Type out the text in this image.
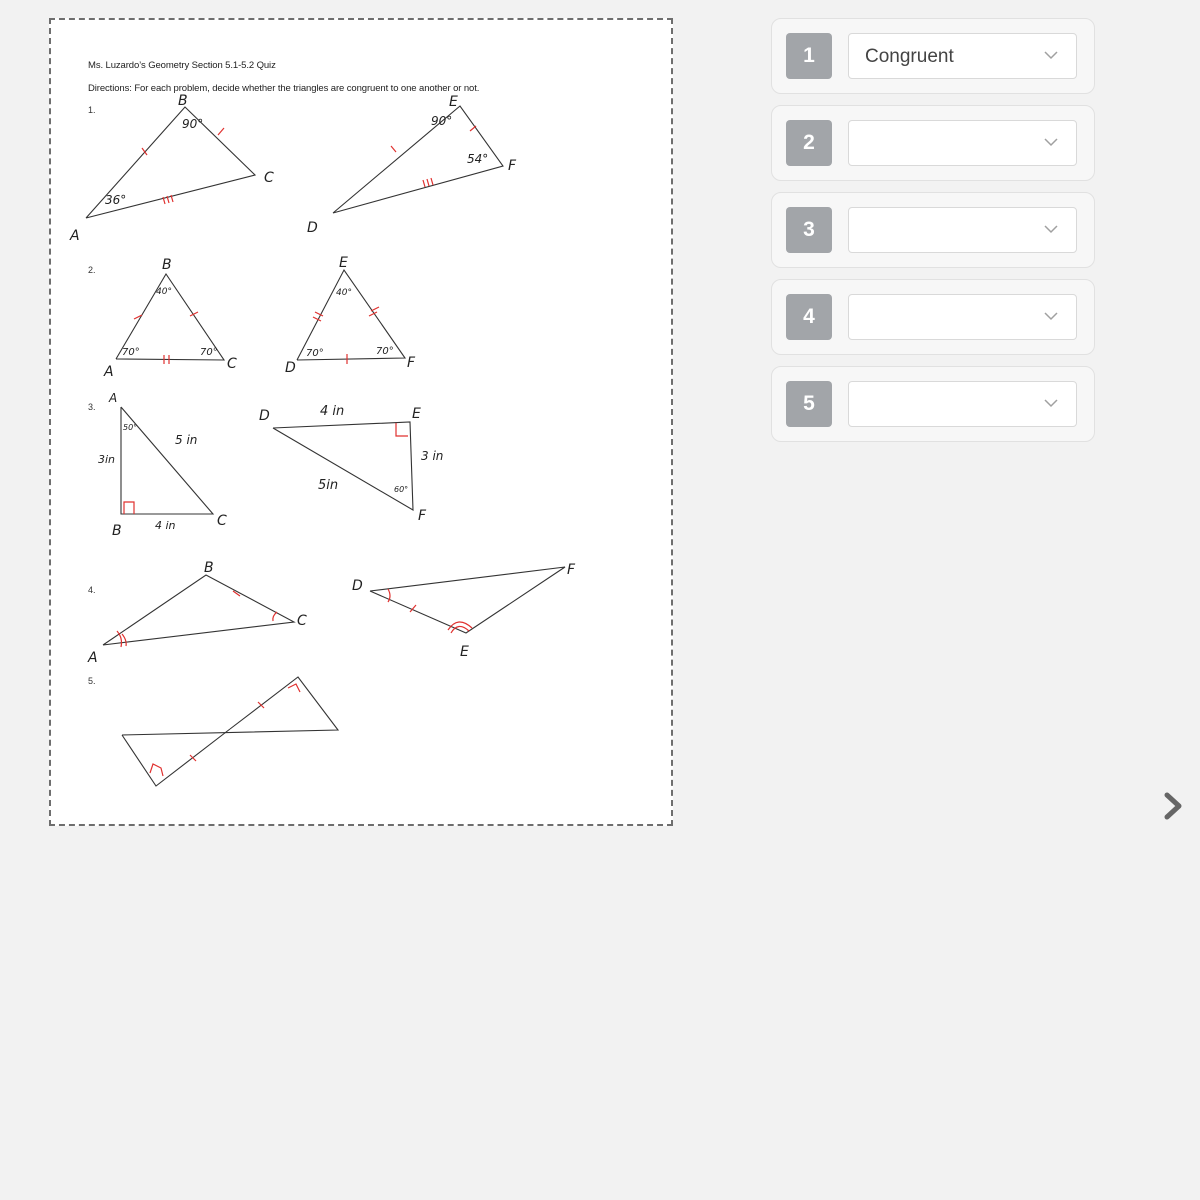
Ms. Luzardo’s Geometry Section 5.1-5.2 Quiz
Directions: For each problem, decide whether the triangles are congruent to one another or not.
1.
2.
3.
4.
5.
B
A
C
E
D
F
90°
36°
90°
54°
B
A	C
E
D	F
40°
70°	70°
40°
70°	70°
A
B
C
D	E
F
3in
5 in
4 in
4 in
3 in
5in
50°
60°
B
A
C
D
F
E
1	Congruent
2
3
4
5
